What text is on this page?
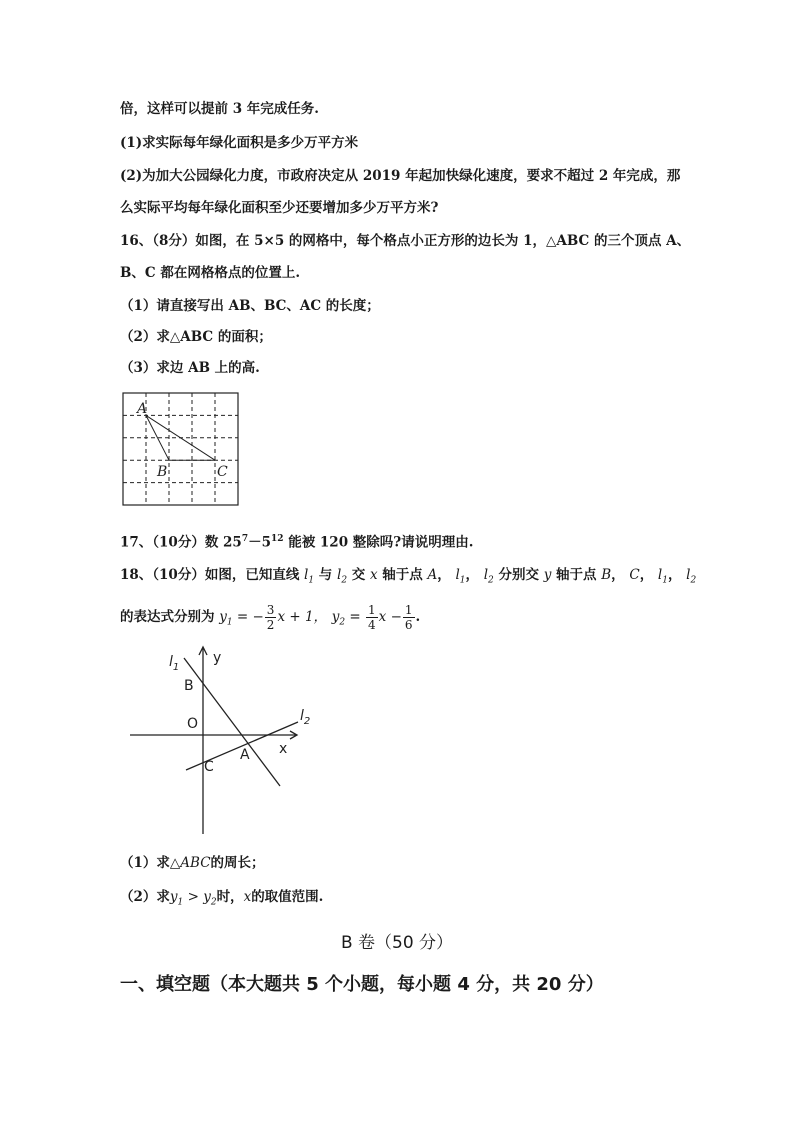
倍，这样可以提前 3 年完成任务.
(1)求实际每年绿化面积是多少万平方米
(2)为加大公园绿化力度，市政府决定从 2019 年起加快绿化速度，要求不超过 2 年完成，那
么实际平均每年绿化面积至少还要增加多少万平方米?
16、（8分）如图，在 5×5 的网格中，每个格点小正方形的边长为 1，△ABC 的三个顶点 A、
B、C 都在网格格点的位置上.
（1）请直接写出 AB、BC、AC 的长度；
（2）求△ABC 的面积；
（3）求边 AB 上的高.
A
B	C
17、（10分）数 $25^7-5^{12}$ 能被 120 整除吗?请说明理由.
18、（10分）如图，已知直线 $l_1$ 与 $l_2$ 交 x 轴于点 A， $l_1$， $l_2$ 分别交 y 轴于点 B， C， $l_1$， $l_2$
的表达式分别为 $y_1$ = − $\frac{3}{2}$ x + 1， $y_2 = \frac{1}{4}$ $x - \frac{1}{6}$ .
$l_1$
y
B
O	$l_2$
x
A
C
（1）求△ABC的周长；
（2）求$y_1 > y_2$时，x的取值范围.
B 卷（50 分）
一、填空题（本大题共 5 个小题，每小题 4 分，共 20 分）
